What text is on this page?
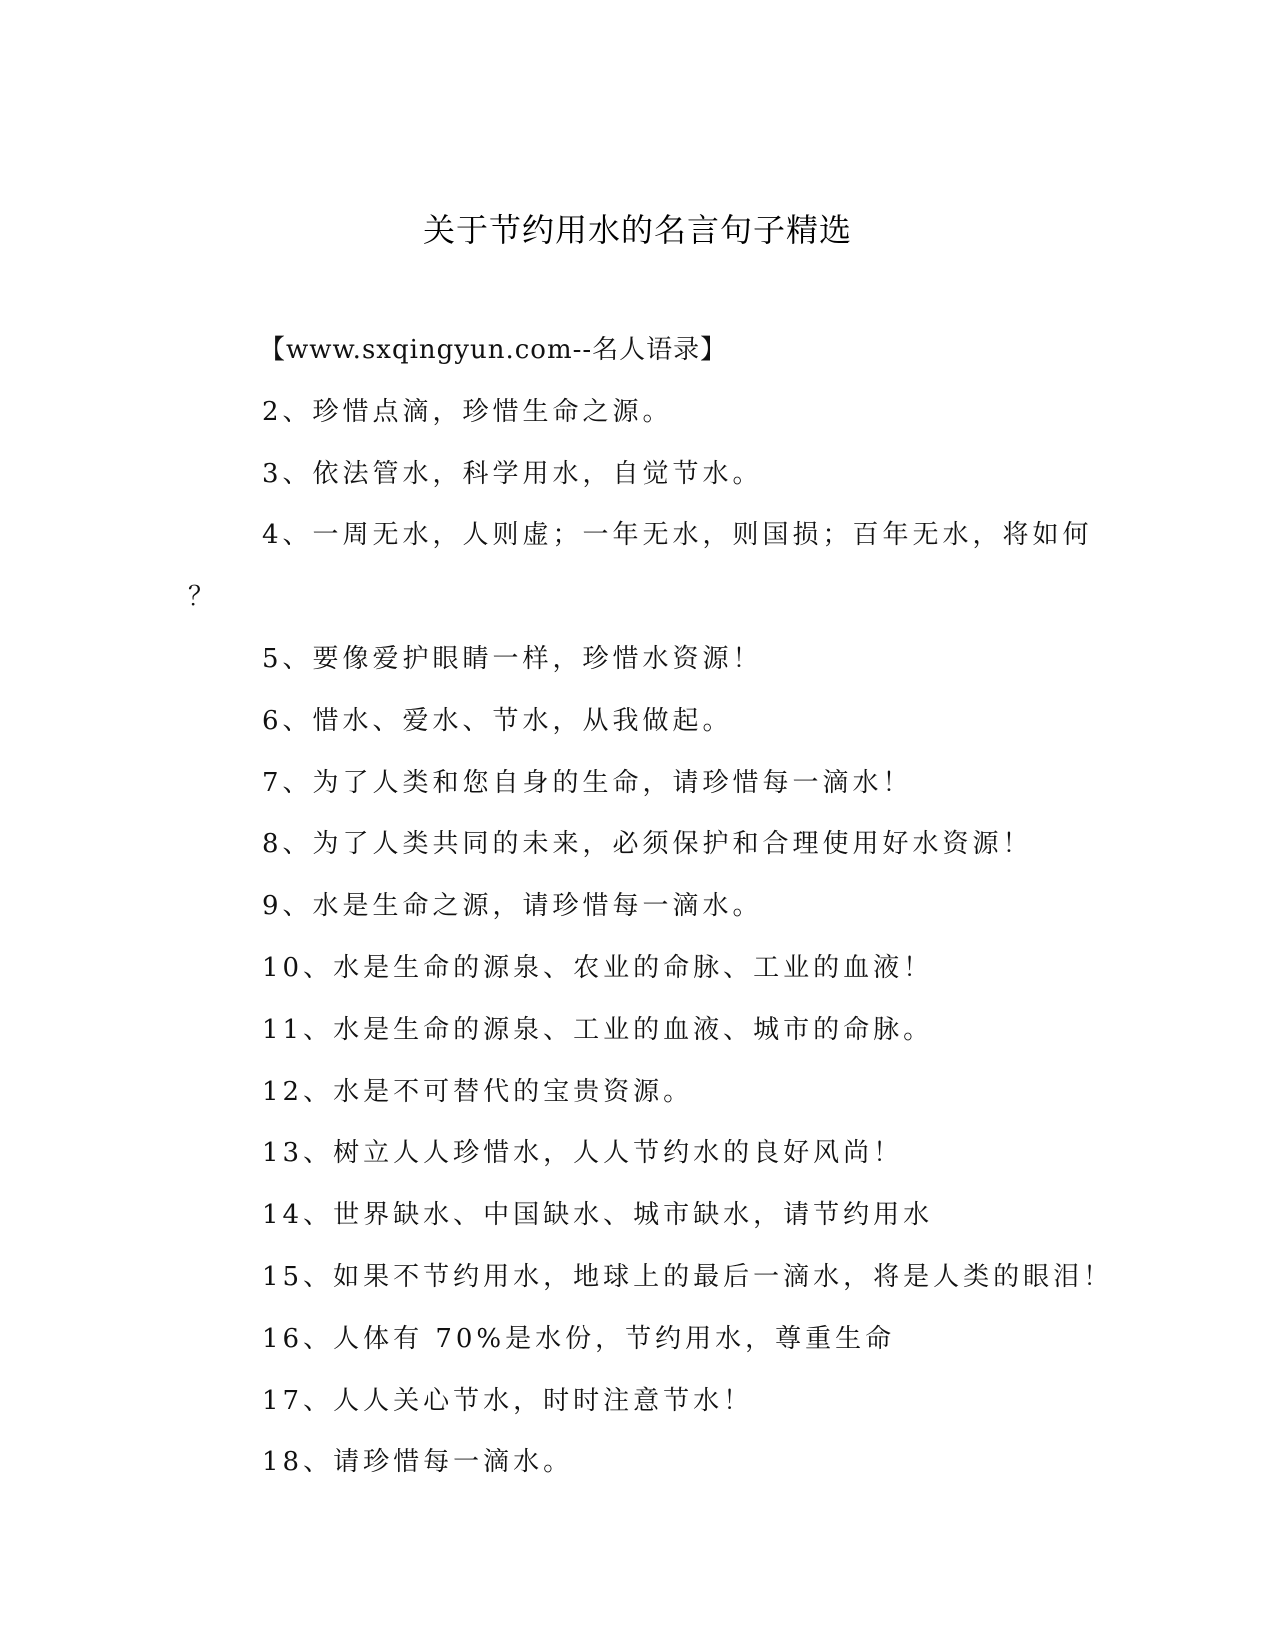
关于节约用水的名言句子精选
【www.sxqingyun.com--名人语录】
2、珍惜点滴，珍惜生命之源。
3、依法管水，科学用水，自觉节水。
4、一周无水，人则虚；一年无水，则国损；百年无水，将如何
？
5、要像爱护眼睛一样，珍惜水资源！
6、惜水、爱水、节水，从我做起。
7、为了人类和您自身的生命，请珍惜每一滴水！
8、为了人类共同的未来，必须保护和合理使用好水资源！
9、水是生命之源，请珍惜每一滴水。
10、水是生命的源泉、农业的命脉、工业的血液！
11、水是生命的源泉、工业的血液、城市的命脉。
12、水是不可替代的宝贵资源。
13、树立人人珍惜水，人人节约水的良好风尚！
14、世界缺水、中国缺水、城市缺水，请节约用水
15、如果不节约用水，地球上的最后一滴水，将是人类的眼泪！
16、人体有 70%是水份，节约用水，尊重生命
17、人人关心节水，时时注意节水！
18、请珍惜每一滴水。
